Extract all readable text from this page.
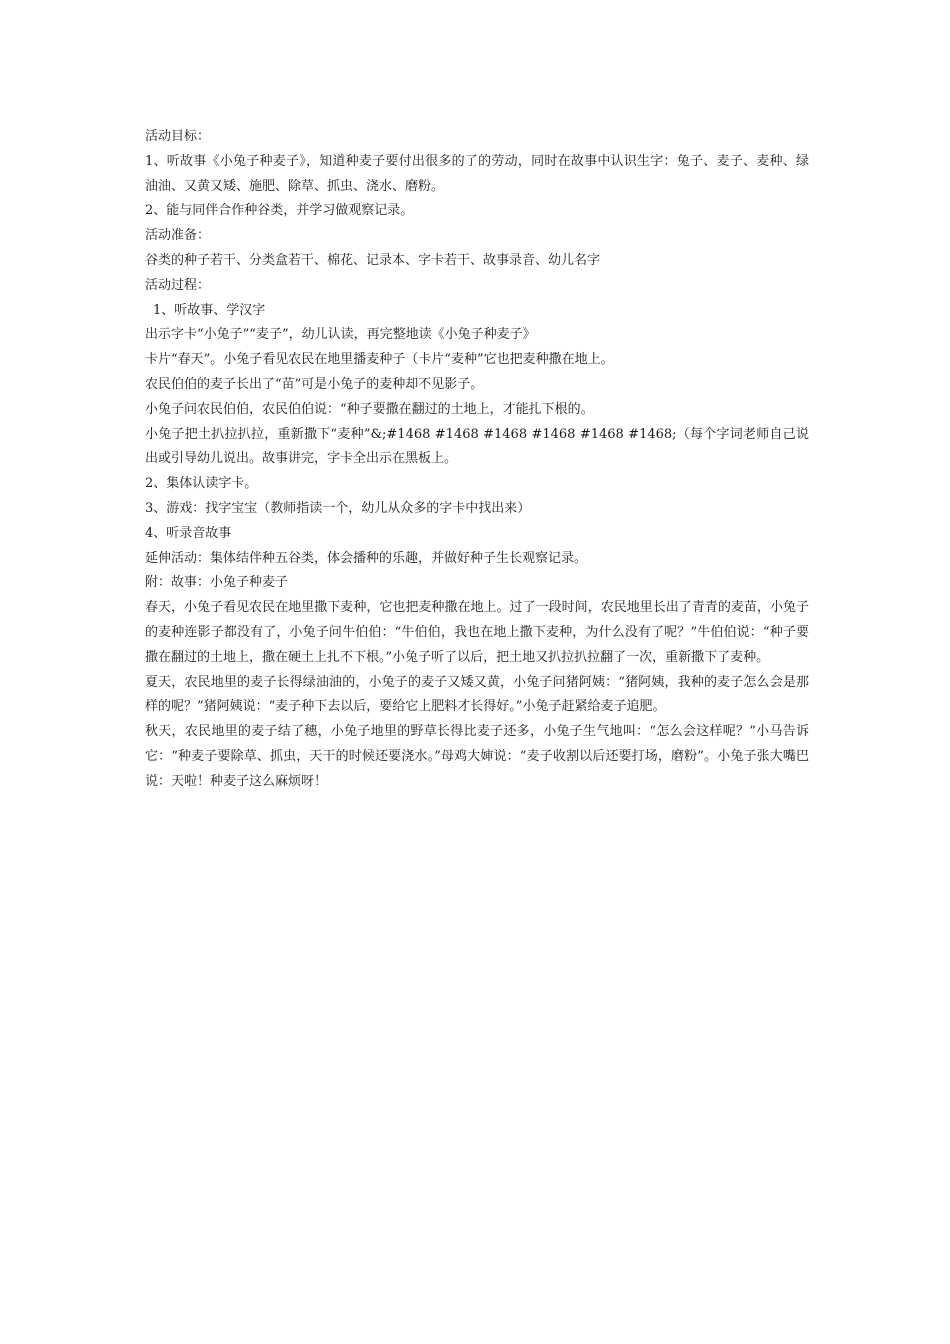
活动目标：

1、听故事《小兔子种麦子》，知道种麦子要付出很多的了的劳动，同时在故事中认识生字：兔子、麦子、麦种、绿油油、又黄又矮、施肥、除草、抓虫、浇水、磨粉。

2、能与同伴合作种谷类，并学习做观察记录。

活动准备：

谷类的种子若干、分类盒若干、棉花、记录本、字卡若干、故事录音、幼儿名字

活动过程：

1、听故事、学汉字

出示字卡“小兔子”“麦子”，幼儿认读，再完整地读《小兔子种麦子》

卡片“春天”。小兔子看见农民在地里播麦种子（卡片“麦种”它也把麦种撒在地上。

农民伯伯的麦子长出了“苗”可是小兔子的麦种却不见影子。

小兔子问农民伯伯，农民伯伯说：“种子要撒在翻过的土地上，才能扎下根的。

小兔子把土扒拉扒拉，重新撒下“麦种”&;#1468 #1468 #1468 #1468 #1468 #1468;（每个字词老师自己说出或引导幼儿说出。故事讲完，字卡全出示在黑板上。

2、集体认读字卡。

3、游戏：找字宝宝（教师指读一个，幼儿从众多的字卡中找出来）

4、听录音故事

延伸活动：集体结伴种五谷类，体会播种的乐趣，并做好种子生长观察记录。

附：故事：小兔子种麦子

春天，小兔子看见农民在地里撒下麦种，它也把麦种撒在地上。过了一段时间，农民地里长出了青青的麦苗，小兔子的麦种连影子都没有了，小兔子问牛伯伯：“牛伯伯，我也在地上撒下麦种，为什么没有了呢？”牛伯伯说：“种子要撒在翻过的土地上，撒在硬土上扎不下根。”小兔子听了以后，把土地又扒拉扒拉翻了一次，重新撒下了麦种。

夏天，农民地里的麦子长得绿油油的，小兔子的麦子又矮又黄，小兔子问猪阿姨：“猪阿姨，我种的麦子怎么会是那样的呢？”猪阿姨说：“麦子种下去以后，要给它上肥料才长得好。”小兔子赶紧给麦子追肥。

秋天，农民地里的麦子结了穗，小兔子地里的野草长得比麦子还多，小兔子生气地叫：“怎么会这样呢？”小马告诉它：“种麦子要除草、抓虫，天干的时候还要浇水。”母鸡大婶说：“麦子收割以后还要打场，磨粉”。小兔子张大嘴巴说：天啦！种麦子这么麻烦呀！
